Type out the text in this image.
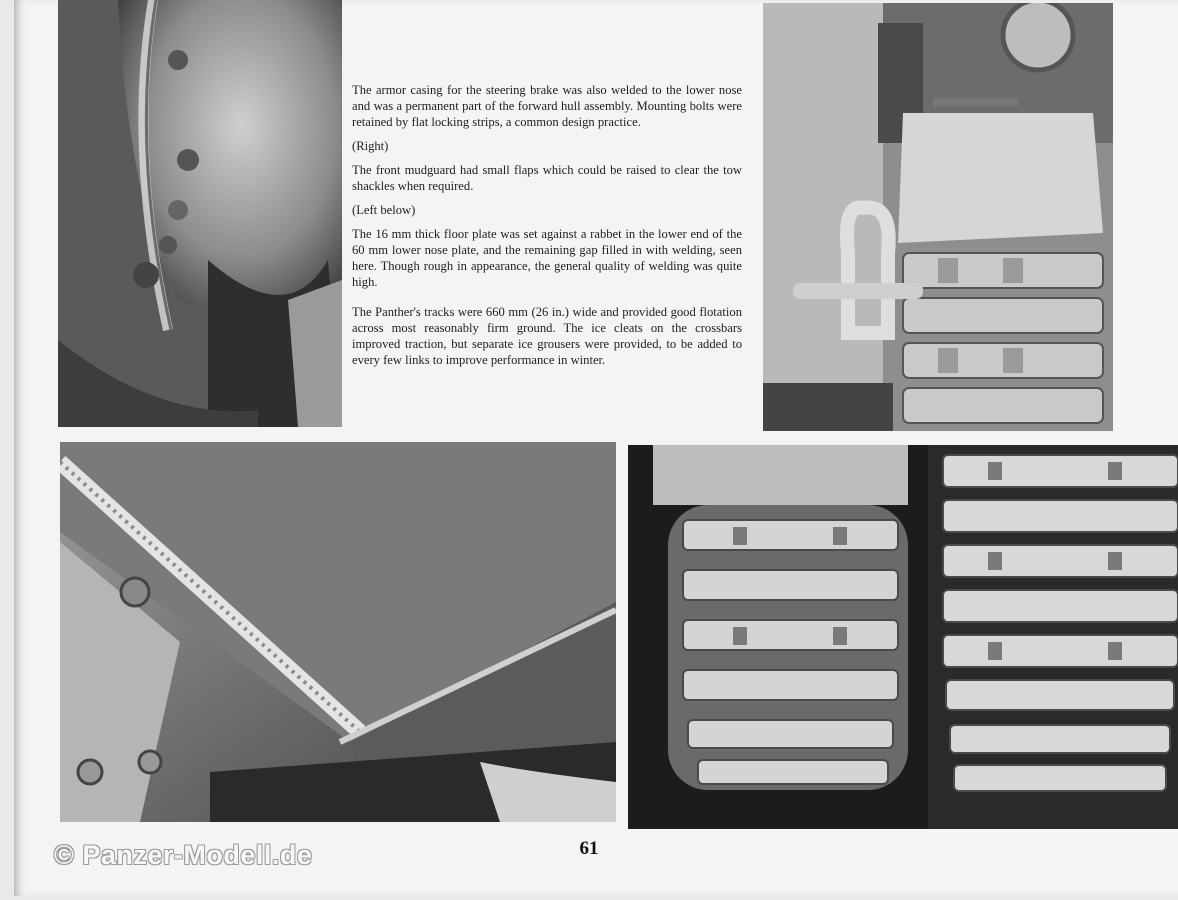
The armor casing for the steering brake was also welded to the lower nose and was a permanent part of the forward hull assembly. Mounting bolts were retained by flat locking strips, a common design practice.

(Right)

The front mudguard had small flaps which could be raised to clear the tow shackles when required.

(Left below)

The 16 mm thick floor plate was set against a rabbet in the lower end of the 60 mm lower nose plate, and the remaining gap filled in with welding, seen here. Though rough in appearance, the general quality of welding was quite high.

The Panther's tracks were 660 mm (26 in.) wide and provided good flotation across most reasonably firm ground. The ice cleats on the crossbars improved traction, but separate ice grousers were provided, to be added to every few links to improve performance in winter.

61
© Panzer-Modell.de
